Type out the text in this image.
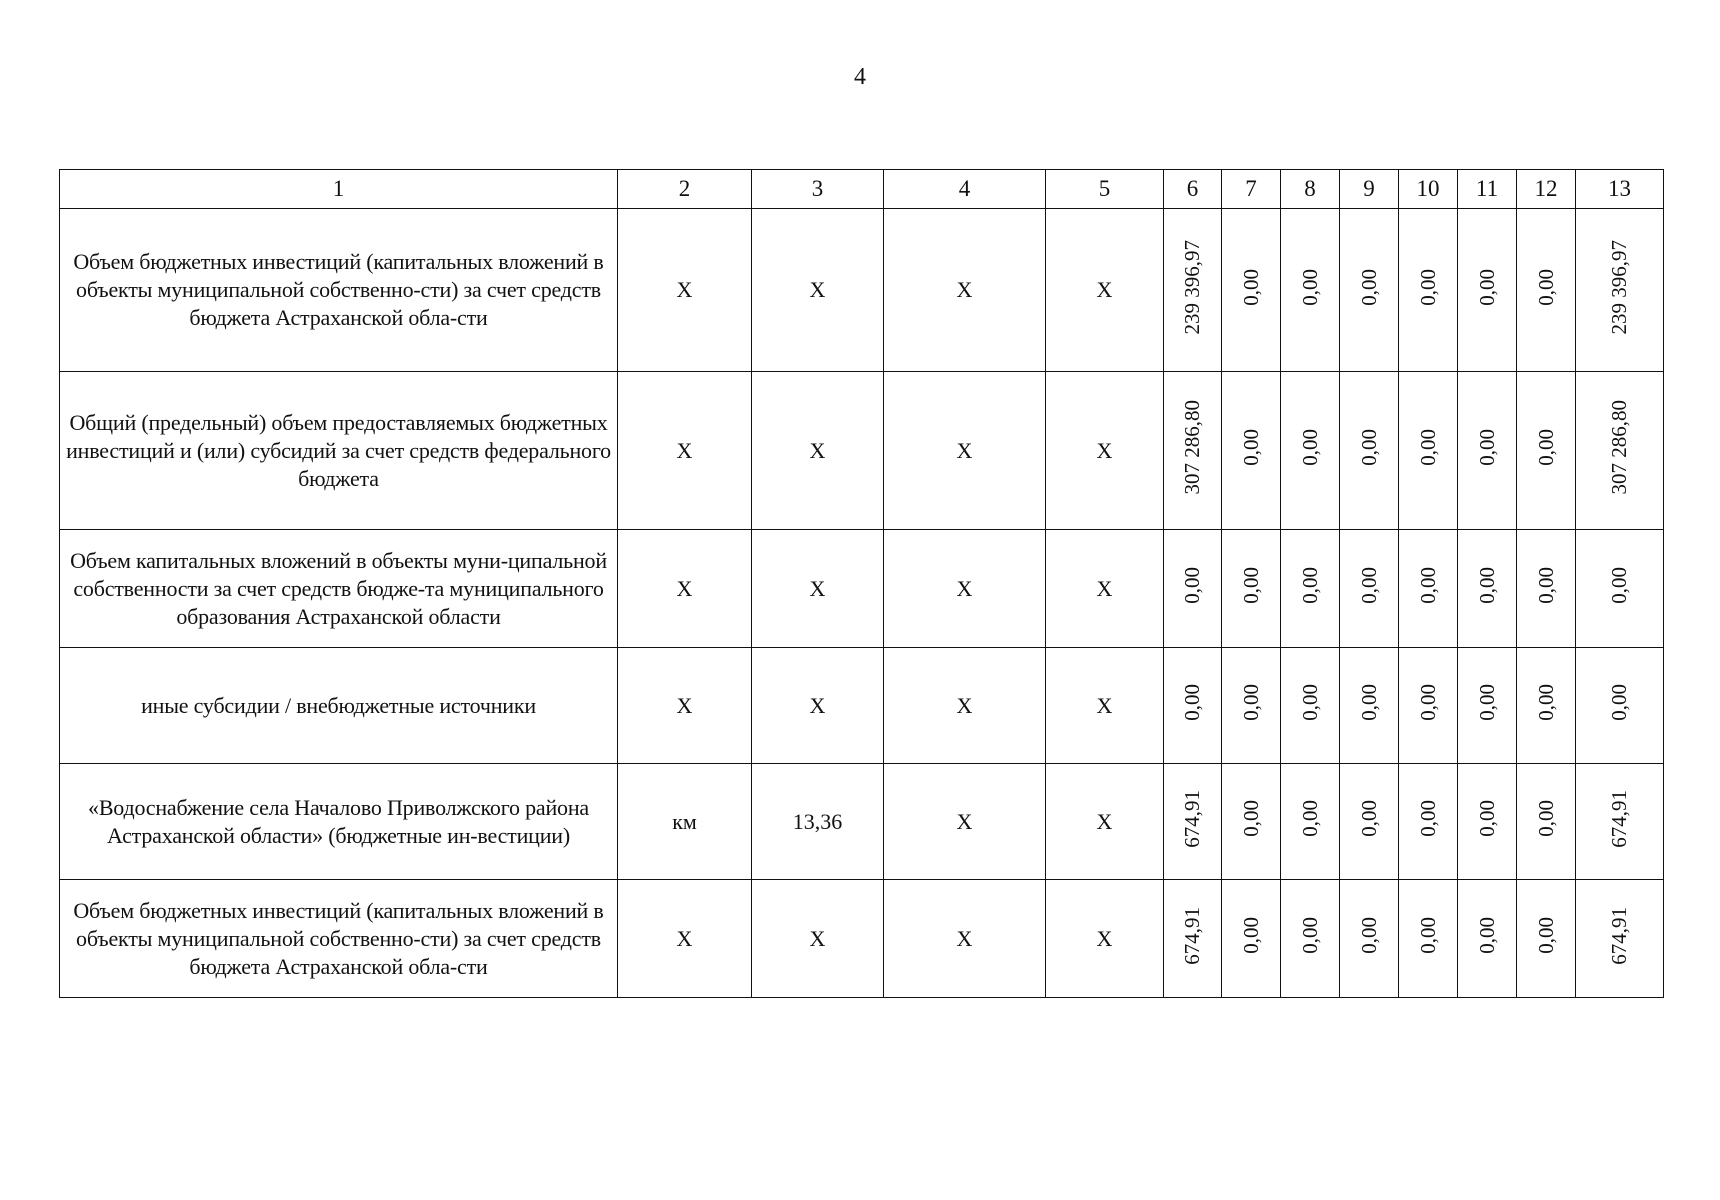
4
1	2	3	4	5	6	7	8	9	10	11	12	13
Объем бюджетных инвестиций (капитальных вложений в объекты муниципальной собственно-сти) за счет средств бюджета Астраханской обла-сти	Х	Х	Х	Х	239 396,97	0,00	0,00	0,00	0,00	0,00	0,00	239 396,97
Общий (предельный) объем предоставляемых бюджетных инвестиций и (или) субсидий за счет средств федерального бюджета	Х	Х	Х	Х	307 286,80	0,00	0,00	0,00	0,00	0,00	0,00	307 286,80
Объем капитальных вложений в объекты муни-ципальной собственности за счет средств бюдже-та муниципального образования Астраханской области	Х	Х	Х	Х	0,00	0,00	0,00	0,00	0,00	0,00	0,00	0,00
иные субсидии / внебюджетные источники	Х	Х	Х	Х	0,00	0,00	0,00	0,00	0,00	0,00	0,00	0,00
«Водоснабжение села Началово Приволжского района Астраханской области» (бюджетные ин-вестиции)	км	13,36	Х	Х	674,91	0,00	0,00	0,00	0,00	0,00	0,00	674,91
Объем бюджетных инвестиций (капитальных вложений в объекты муниципальной собственно-сти) за счет средств бюджета Астраханской обла-сти	Х	Х	Х	Х	674,91	0,00	0,00	0,00	0,00	0,00	0,00	674,91
